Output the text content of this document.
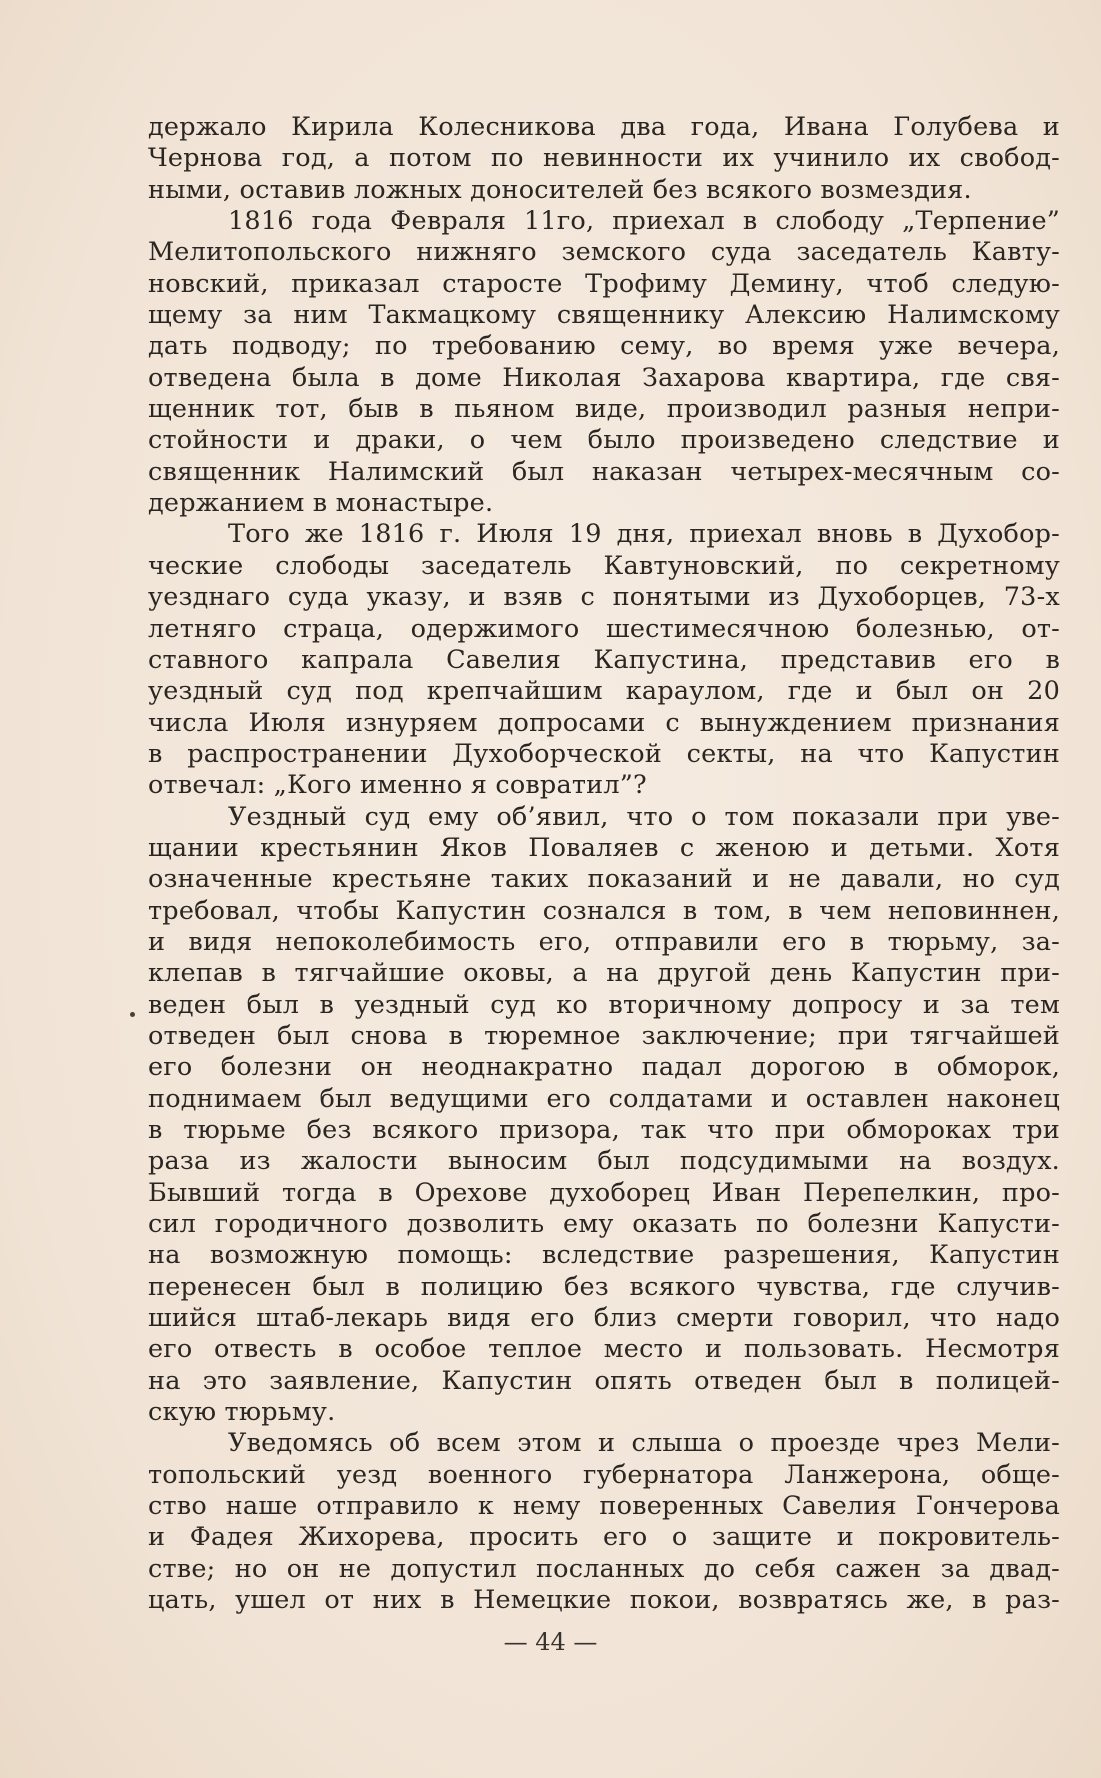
держало Кирила Колесникова два года, Ивана Голубева и
Чернова год, а потом по невинности их учинило их свобод-
ными, оставив ложных доносителей без всякого возмездия.
1816 года Февраля 11го, приехал в слободу „Терпение”
Мелитопольского нижняго земского суда заседатель Кавту-
новский, приказал старосте Трофиму Демину, чтоб следую-
щему за ним Такмацкому священнику Алексию Налимскому
дать подводу; по требованию сему, во время уже вечера,
отведена была в доме Николая Захарова квартира, где свя-
щенник тот, быв в пьяном виде, производил разныя непри-
стойности и драки, о чем было произведено следствие и
священник Налимский был наказан четырех-месячным со-
держанием в монастыре.
Того же 1816 г. Июля 19 дня, приехал вновь в Духобор-
ческие слободы заседатель Кавтуновский, по секретному
уезднаго суда указу, и взяв с понятыми из Духоборцев, 73-х
летняго страца, одержимого шестимесячною болезнью, от-
ставного капрала Савелия Капустина, представив его в
уездный суд под крепчайшим караулом, где и был он 20
числа Июля изнуряем допросами с вынуждением признания
в распространении Духоборческой секты, на что Капустин
отвечал: „Кого именно я совратил”?
Уездный суд ему об’явил, что о том показали при уве-
щании крестьянин Яков Поваляев с женою и детьми. Хотя
означенные крестьяне таких показаний и не давали, но суд
требовал, чтобы Капустин сознался в том, в чем неповиннен,
и видя непоколебимость его, отправили его в тюрьму, за-
клепав в тягчайшие оковы, а на другой день Капустин при-
веден был в уездный суд ко вторичному допросу и за тем
отведен был снова в тюремное заключение; при тягчайшей
его болезни он неоднакратно падал дорогою в обморок,
поднимаем был ведущими его солдатами и оставлен наконец
в тюрьме без всякого призора, так что при обмороках три
раза из жалости выносим был подсудимыми на воздух.
Бывший тогда в Орехове духоборец Иван Перепелкин, про-
сил городичного дозволить ему оказать по болезни Капусти-
на возможную помощь: вследствие разрешения, Капустин
перенесен был в полицию без всякого чувства, где случив-
шийся штаб-лекарь видя его близ смерти говорил, что надо
его отвесть в особое теплое место и пользовать. Несмотря
на это заявление, Капустин опять отведен был в полицей-
скую тюрьму.
Уведомясь об всем этом и слыша о проезде чрез Мели-
топольский уезд военного губернатора Ланжерона, обще-
ство наше отправило к нему поверенных Савелия Гончерова
и Фадея Жихорева, просить его о защите и покровитель-
стве; но он не допустил посланных до себя сажен за двад-
цать, ушел от них в Немецкие покои, возвратясь же, в раз-
— 44 —
